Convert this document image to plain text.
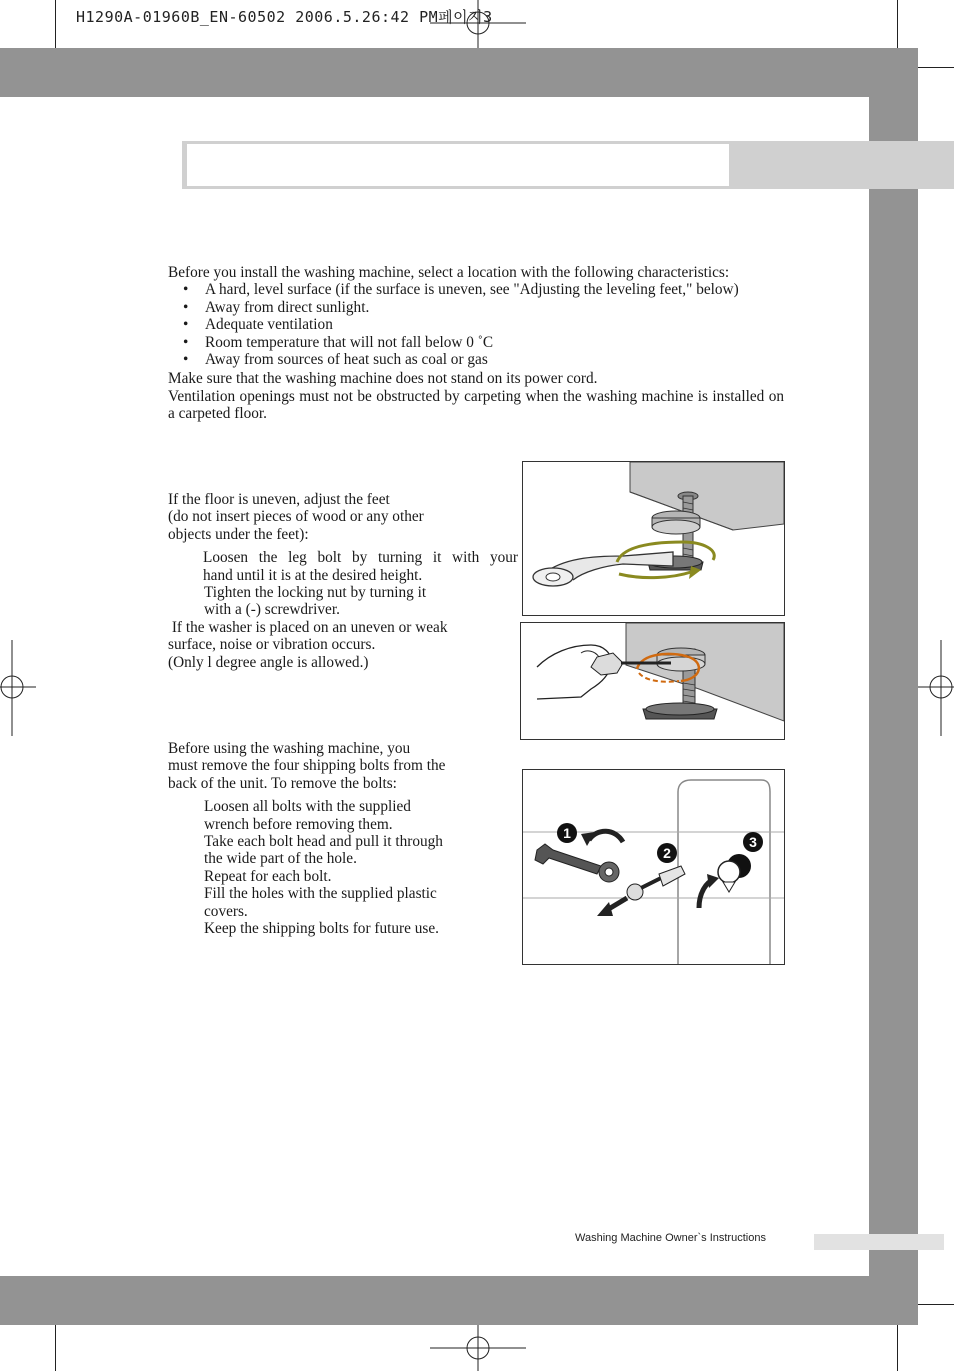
H1290A-01960B_EN-60502 2006.5.26:42 PM페이지3

Before you install the washing machine, select a location with the following characteristics:

• A hard, level surface (if the surface is uneven, see "Adjusting the leveling feet," below)
• Away from direct sunlight.
• Adequate ventilation
• Room temperature that will not fall below 0 ˚C
• Away from sources of heat such as coal or gas

Make sure that the washing machine does not stand on its power cord.

Ventilation openings must not be obstructed by carpeting when the washing machine is installed on a carpeted floor.

If the floor is uneven, adjust the feet
(do not insert pieces of wood or any other
objects under the feet):
Loosen the leg bolt by turning it with your
hand until it is at the desired height.
Tighten the locking nut by turning it
with a (-) screwdriver.
If the washer is placed on an uneven or weak
surface, noise or vibration occurs.
(Only l degree angle is allowed.)
Before using the washing machine, you
must remove the four shipping bolts from the
back of the unit. To remove the bolts:
Loosen all bolts with the supplied
wrench before removing them.
Take each bolt head and pull it through
the wide part of the hole.
Repeat for each bolt.
Fill the holes with the supplied plastic
covers.
Keep the shipping bolts for future use.
1
2
3
Washing Machine Owner`s Instructions
